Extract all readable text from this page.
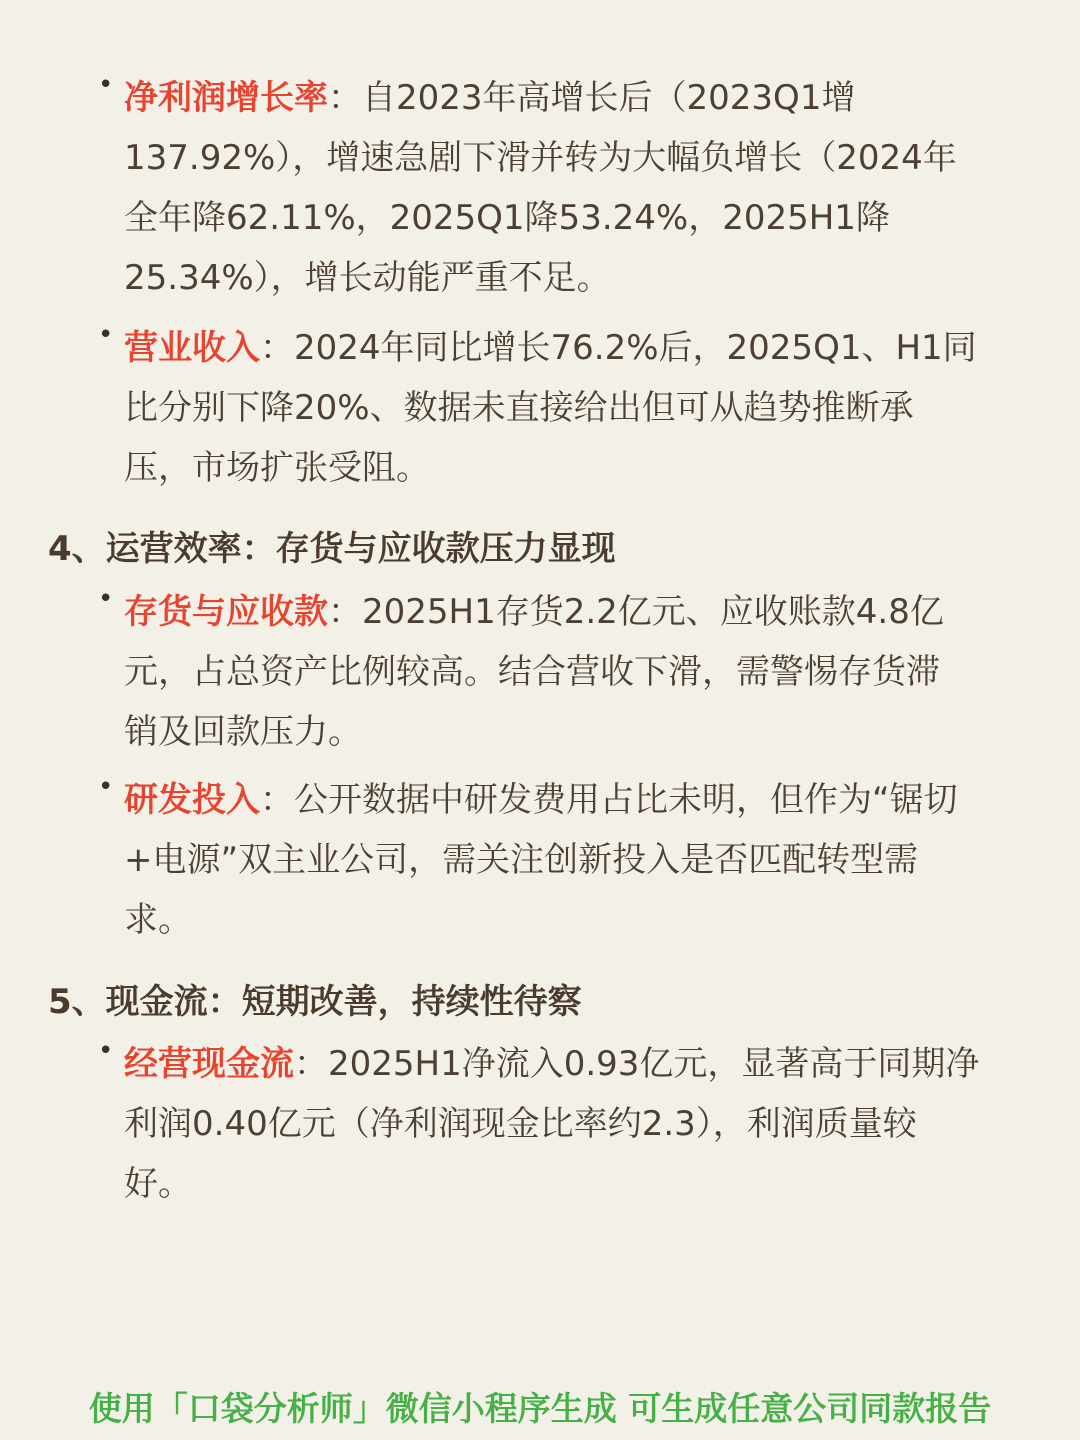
• 净利润增长率：自2023年高增长后（2023Q1增
137.92%），增速急剧下滑并转为大幅负增长（2024年
全年降62.11%，2025Q1降53.24%，2025H1降
25.34%），增长动能严重不足。
• 营业收入：2024年同比增长76.2%后，2025Q1、H1同
比分别下降20%、数据未直接给出但可从趋势推断承
压，市场扩张受阻。
4、运营效率：存货与应收款压力显现
• 存货与应收款：2025H1存货2.2亿元、应收账款4.8亿
元，占总资产比例较高。结合营收下滑，需警惕存货滞
销及回款压力。
• 研发投入：公开数据中研发费用占比未明，但作为“锯切
+电源”双主业公司，需关注创新投入是否匹配转型需
求。
5、现金流：短期改善，持续性待察
• 经营现金流：2025H1净流入0.93亿元，显著高于同期净
利润0.40亿元（净利润现金比率约2.3），利润质量较
好。
使用「口袋分析师」微信小程序生成 可生成任意公司同款报告
